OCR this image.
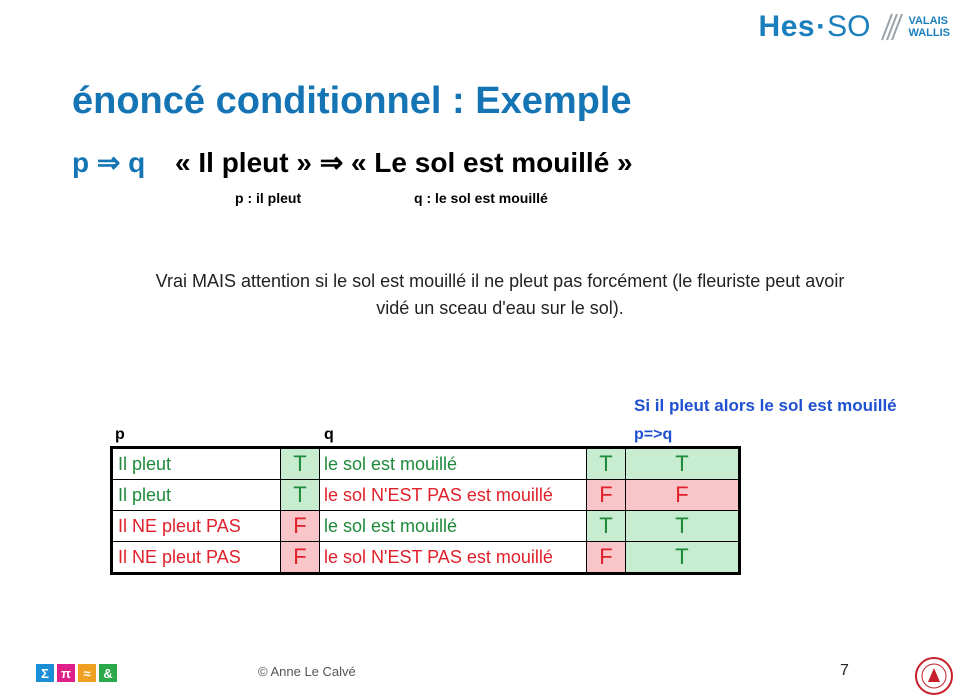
Hes · SO	VALAIS
WALLIS
énoncé conditionnel : Exemple
p ⇒ q « Il pleut » ⇒ « Le sol est mouillé »
p : il pleut	q : le sol est mouillé
Vrai MAIS attention si le sol est mouillé il ne pleut pas forcément (le fleuriste peut avoir vidé un sceau d'eau sur le sol).
Si il pleut alors le sol est mouillé
p	q	p=>q
Il pleut	T	le sol est mouillé	T	T
Il pleut	T	le sol N'EST PAS est mouillé	F	F
Il NE pleut PAS	F	le sol est mouillé	T	T
Il NE pleut PAS	F	le sol N'EST PAS est mouillé	F	T
Σ π ≈ &	© Anne Le Calvé	7
